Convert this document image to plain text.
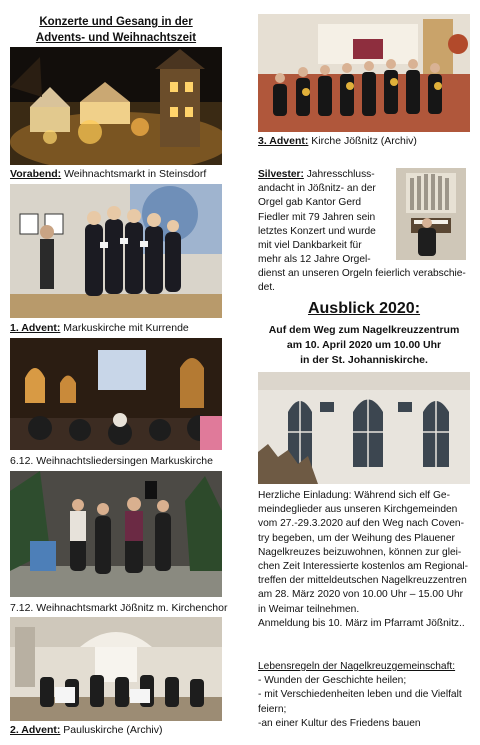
Konzerte und Gesang in der
Advents- und Weihnachtszeit
Vorabend: Weihnachtsmarkt in Steinsdorf
1. Advent: Markuskirche mit Kurrende
6.12. Weihnachtsliedersingen Markuskirche
7.12. Weihnachtsmarkt Jößnitz m. Kirchenchor
2. Advent: Pauluskirche (Archiv)
3. Advent: Kirche Jößnitz (Archiv)
Silvester: Jahresschluss-
andacht in Jößnitz- an der
Orgel gab Kantor Gerd
Fiedler mit 79 Jahren sein
letztes Konzert und wurde
mit viel Dankbarkeit für
mehr als 12 Jahre Orgel-
dienst an unseren Orgeln feierlich verabschie-
det.
Ausblick 2020:
Auf dem Weg zum Nagelkreuzzentrum
am 10. April 2020 um 10.00 Uhr
in der St. Johanniskirche.
Herzliche Einladung: Während sich elf Ge-
meindeglieder aus unseren Kirchgemeinden
vom 27.-29.3.2020 auf den Weg nach Coven-
try begeben, um der Weihung des Plauener
Nagelkreuzes beizuwohnen, können zur glei-
chen Zeit Interessierte kostenlos am Regional-
treffen der mitteldeutschen Nagelkreuzzentren
am 28. März 2020 von 10.00 Uhr – 15.00 Uhr
in Weimar teilnehmen.
Anmeldung bis 10. März im Pfarramt Jößnitz..
Lebensregeln der Nagelkreuzgemeinschaft:
- Wunden der Geschichte heilen;
- mit Verschiedenheiten leben und die Vielfalt
feiern;
-an einer Kultur des Friedens bauen
